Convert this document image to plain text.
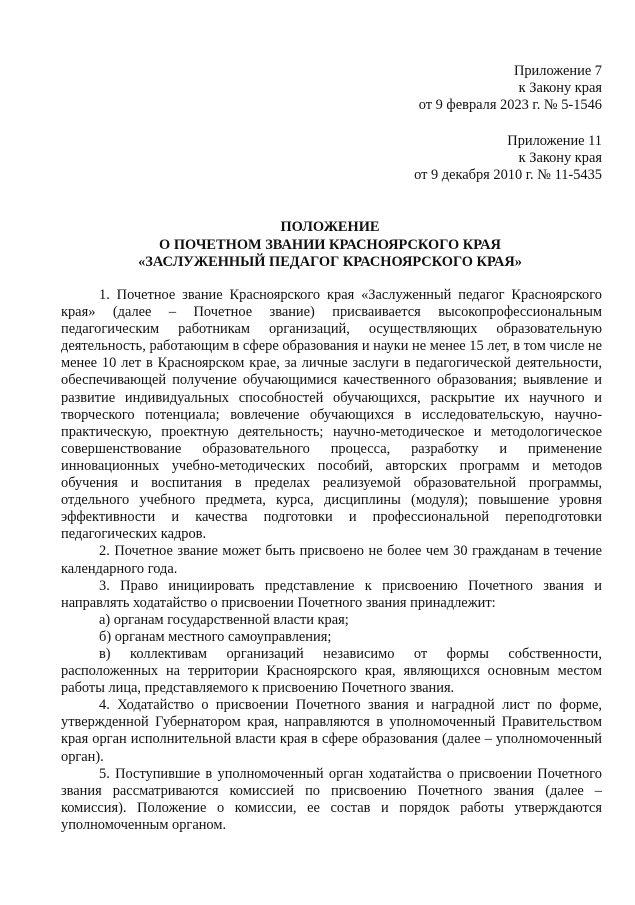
Приложение 7
к Закону края
от 9 февраля 2023 г. № 5-1546
Приложение 11
к Закону края
от 9 декабря 2010 г. № 11-5435
ПОЛОЖЕНИЕ
О ПОЧЕТНОМ ЗВАНИИ КРАСНОЯРСКОГО КРАЯ
«ЗАСЛУЖЕННЫЙ ПЕДАГОГ КРАСНОЯРСКОГО КРАЯ»

1. Почетное звание Красноярского края «Заслуженный педагог Красноярского края» (далее – Почетное звание) присваивается высокопрофессиональным педагогическим работникам организаций, осуществляющих образовательную деятельность, работающим в сфере образования и науки не менее 15 лет, в том числе не менее 10 лет в Красноярском крае, за личные заслуги в педагогической деятельности, обеспечивающей получение обучающимися качественного образования; выявление и развитие индивидуальных способностей обучающихся, раскрытие их научного и творческого потенциала; вовлечение обучающихся в исследовательскую, научно-практическую, проектную деятельность; научно-методическое и методологическое совершенствование образовательного процесса, разработку и применение инновационных учебно-методических пособий, авторских программ и методов обучения и воспитания в пределах реализуемой образовательной программы, отдельного учебного предмета, курса, дисциплины (модуля); повышение уровня эффективности и качества подготовки и профессиональной переподготовки педагогических кадров.

2. Почетное звание может быть присвоено не более чем 30 гражданам в течение календарного года.

3. Право инициировать представление к присвоению Почетного звания и направлять ходатайство о присвоении Почетного звания принадлежит:

а) органам государственной власти края;

б) органам местного самоуправления;

в) коллективам организаций независимо от формы собственности, расположенных на территории Красноярского края, являющихся основным местом работы лица, представляемого к присвоению Почетного звания.

4. Ходатайство о присвоении Почетного звания и наградной лист по форме, утвержденной Губернатором края, направляются в уполномоченный Правительством края орган исполнительной власти края в сфере образования (далее – уполномоченный орган).

5. Поступившие в уполномоченный орган ходатайства о присвоении Почетного звания рассматриваются комиссией по присвоению Почетного звания (далее – комиссия). Положение о комиссии, ее состав и порядок работы утверждаются уполномоченным органом.
